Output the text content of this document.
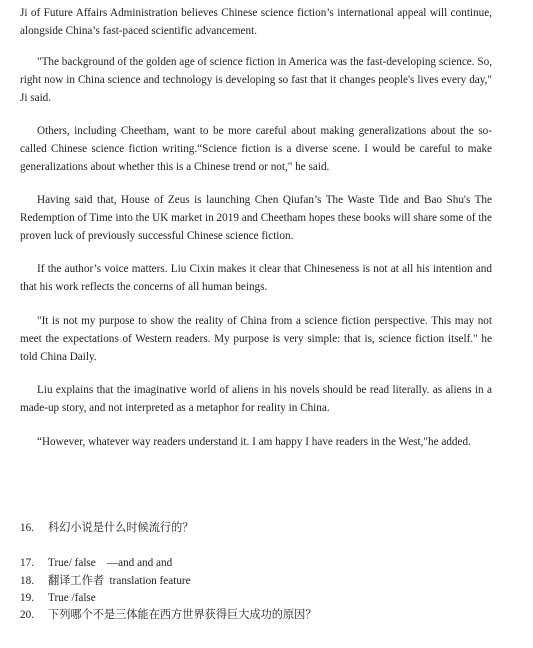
Ji of Future Affairs Administration believes Chinese science fiction’s international appeal will continue, alongside China’s fast-paced scientific advancement.

"The background of the golden age of science fiction in America was the fast-developing science. So, right now in China science and technology is developing so fast that it changes people's lives every day," Ji said.

Others, including Cheetham, want to be more careful about making generalizations about the so-called Chinese science fiction writing.“Science fiction is a diverse scene. I would be careful to make generalizations about whether this is a Chinese trend or not," he said.

Having said that, House of Zeus is launching Chen Qiufan’s The Waste Tide and Bao Shu's The Redemption of Time into the UK market in 2019 and Cheetham hopes these books will share some of the proven luck of previously successful Chinese science fiction.

If the author’s voice matters. Liu Cixin makes it clear that Chineseness is not at all his intention and that his work reflects the concerns of all human beings.

"It is not my purpose to show the reality of China from a science fiction perspective. This may not meet the expectations of Western readers. My purpose is very simple: that is, science fiction itself." he told China Daily.

Liu explains that the imaginative world of aliens in his novels should be read literally. as aliens in a made-up story, and not interpreted as a metaphor for reality in China.

“However, whatever way readers understand it. I am happy I have readers in the West,"he added.

16. 科幻小说是什么时候流行的？
17. True/ false    —and and and
18. 翻译工作者  translation feature
19. True /false
20. 下列哪个不是三体能在西方世界获得巨大成功的原因？
